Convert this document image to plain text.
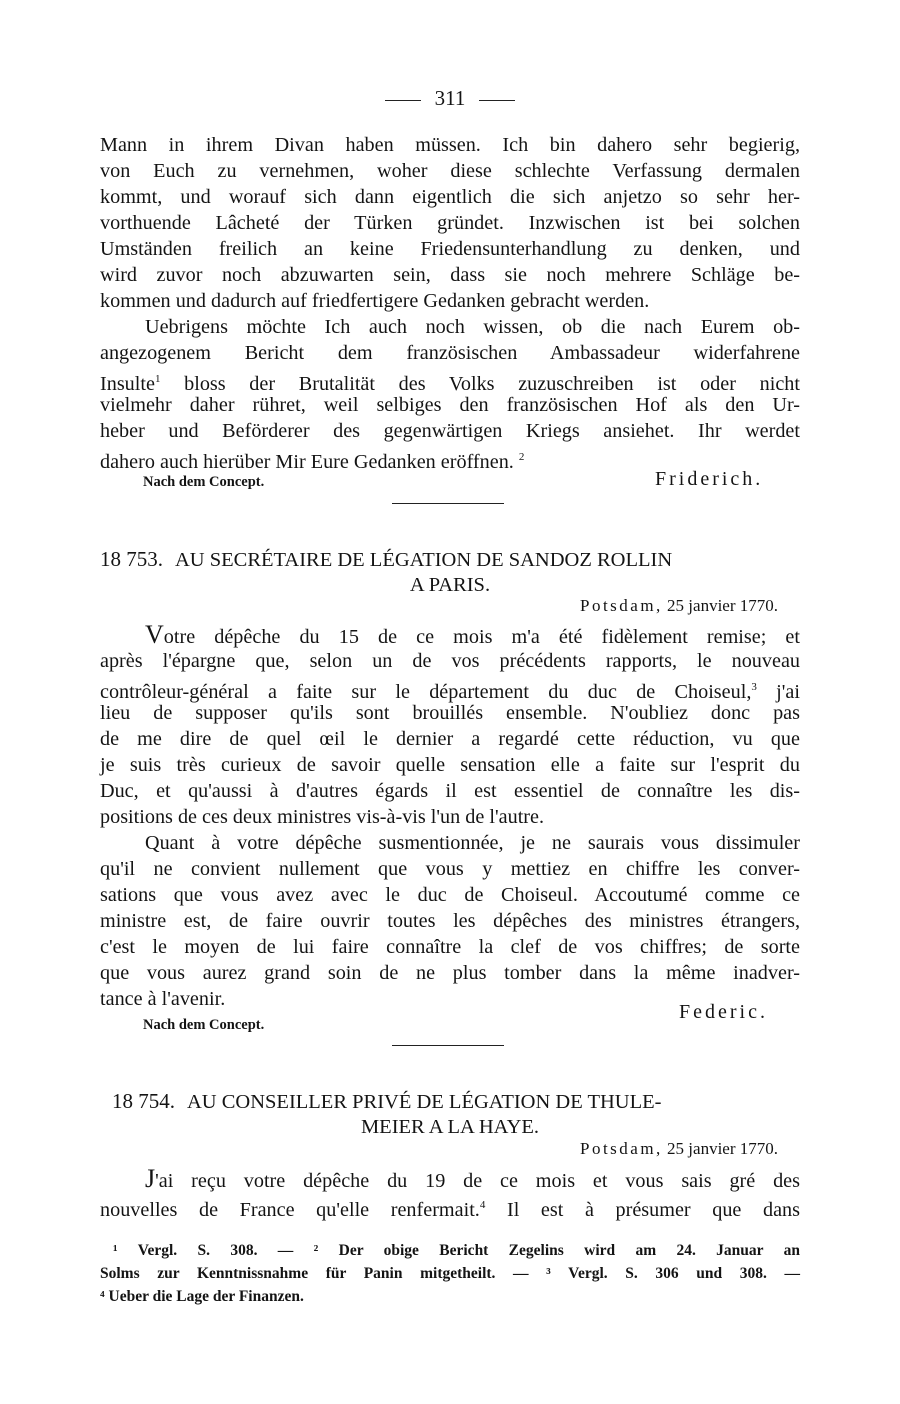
311
Mann in ihrem Divan haben müssen. Ich bin dahero sehr begierig,
von Euch zu vernehmen, woher diese schlechte Verfassung dermalen
kommt, und worauf sich dann eigentlich die sich anjetzo so sehr her-
vorthuende Lâcheté der Türken gründet. Inzwischen ist bei solchen
Umständen freilich an keine Friedensunterhandlung zu denken, und
wird zuvor noch abzuwarten sein, dass sie noch mehrere Schläge be-
kommen und dadurch auf friedfertigere Gedanken gebracht werden.
Uebrigens möchte Ich auch noch wissen, ob die nach Eurem ob-
angezogenem Bericht dem französischen Ambassadeur widerfahrene
Insulte$^1$ bloss der Brutalität des Volks zuzuschreiben ist oder nicht
vielmehr daher rühret, weil selbiges den französischen Hof als den Ur-
heber und Beförderer des gegenwärtigen Kriegs ansiehet. Ihr werdet
dahero auch hierüber Mir Eure Gedanken eröffnen. $^2$
Nach dem Concept.	Friderich.
18 753. AU SECRÉTAIRE DE LÉGATION DE SANDOZ ROLLIN
A PARIS.
Potsdam, 25 janvier 1770.
Votre dépêche du 15 de ce mois m'a été fidèlement remise; et
après l'épargne que, selon un de vos précédents rapports, le nouveau
contrôleur-général a faite sur le département du duc de Choiseul,$^3$ j'ai
lieu de supposer qu'ils sont brouillés ensemble. N'oubliez donc pas
de me dire de quel œil le dernier a regardé cette réduction, vu que
je suis très curieux de savoir quelle sensation elle a faite sur l'esprit du
Duc, et qu'aussi à d'autres égards il est essentiel de connaître les dis-
positions de ces deux ministres vis-à-vis l'un de l'autre.
Quant à votre dépêche susmentionnée, je ne saurais vous dissimuler
qu'il ne convient nullement que vous y mettiez en chiffre les conver-
sations que vous avez avec le duc de Choiseul. Accoutumé comme ce
ministre est, de faire ouvrir toutes les dépêches des ministres étrangers,
c'est le moyen de lui faire connaître la clef de vos chiffres; de sorte
que vous aurez grand soin de ne plus tomber dans la même inadver-
tance à l'avenir.
Federic.
Nach dem Concept.
18 754. AU CONSEILLER PRIVÉ DE LÉGATION DE THULE-
MEIER A LA HAYE.
Potsdam, 25 janvier 1770.
J'ai reçu votre dépêche du 19 de ce mois et vous sais gré des
nouvelles de France qu'elle renfermait.$^4$ Il est à présumer que dans
¹ Vergl. S. 308. — ² Der obige Bericht Zegelins wird am 24. Januar an
Solms zur Kenntnissnahme für Panin mitgetheilt. — ³ Vergl. S. 306 und 308. —
⁴ Ueber die Lage der Finanzen.
